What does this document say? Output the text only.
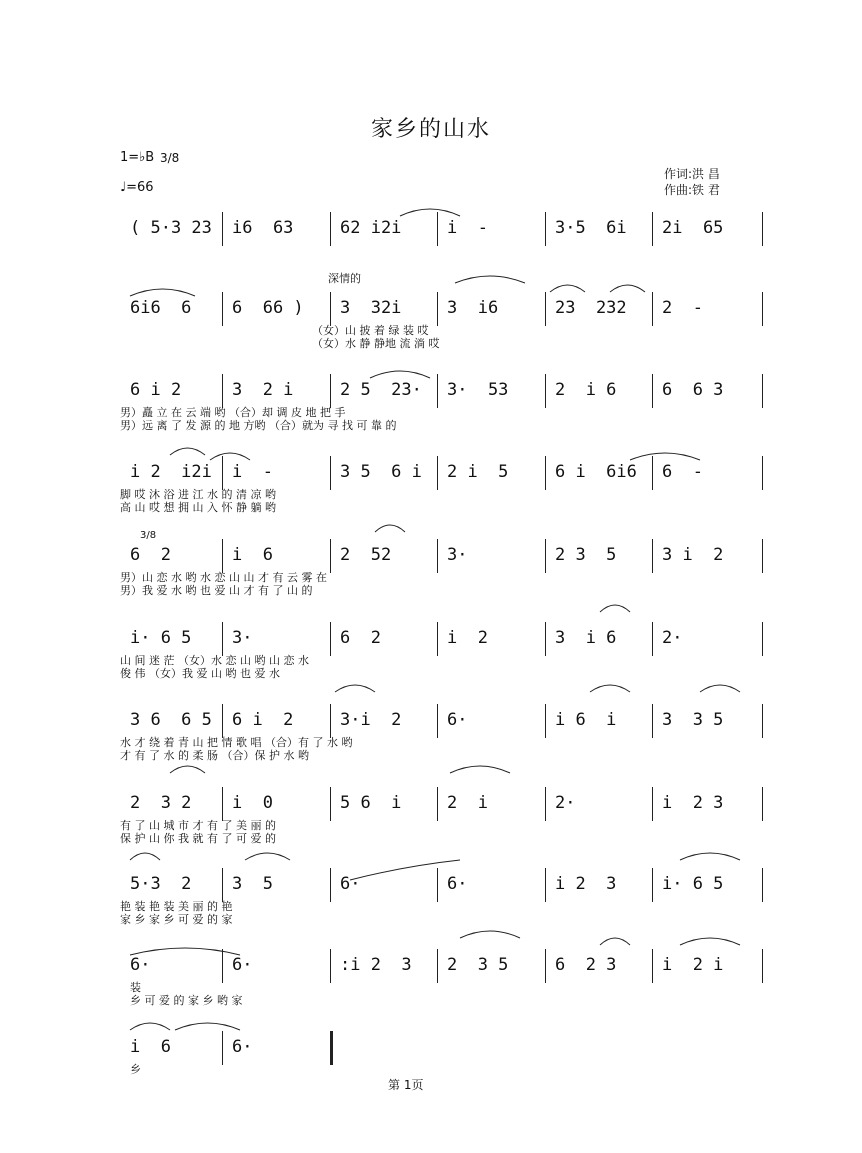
家乡的山水
1=♭B 3/8
♩=66
作词:洪 昌
作曲:铁 君
深情的
3/8
( 5·3 23 i6  63	62 i2i	i  -	3·5  6i 2i  65
6i6  6 6  66 ) 3  32i	3  i6	23  232 2  -
（女）山 披 着 绿 装 哎
（女）水 静 静地 流 淌 哎
6 i 2	3  2 i	2 5  23· 3·  53	2  i 6	6  6 3
男）矗 立 在 云 端 哟 （合）却 调 皮 地 把 手
男）远 离 了 发 源 的 地 方哟 （合）就为 寻 找 可 靠 的
i 2  i2i i  -	3 5  6 i 2 i  5	6 i  6i6 6  -
脚 哎 沐 浴 进 江 水 的 清 凉 哟
高 山 哎 想 拥 山 入 怀 静 躺 哟
6  2	i  6	2  52	3·	2 3  5	3 i  2
男）山 恋 水 哟 水 恋 山 山 才 有 云 雾 在
男）我 爱 水 哟 也 爱 山 才 有 了 山 的
i· 6 5 3·	6  2	i  2	3  i 6	2·
山 间 迷 茫 （女）水 恋 山 哟 山 恋 水
俊 伟 （女）我 爱 山 哟 也 爱 水
3 6  6 5 6 i  2	3·i  2	6·	i 6  i	3  3 5
水 才 绕 着 青 山 把 情 歌 唱 （合）有 了 水 哟
才 有 了 水 的 柔 肠 （合）保 护 水 哟
2  3 2 i  0	5 6  i	2  i	2·	i  2 3
有 了 山 城 市 才 有 了 美 丽 的
保 护 山 你 我 就 有 了 可 爱 的
5·3  2 3  5	6·	6·	i 2  3	i· 6 5
艳 装 艳 装 美 丽 的 艳
家 乡 家 乡 可 爱 的 家
6·	6·	:i 2  3 2  3 5	6  2 3	i  2 i
装
乡 可 爱 的 家 乡 哟 家
i  6	6·
乡
第 1页
